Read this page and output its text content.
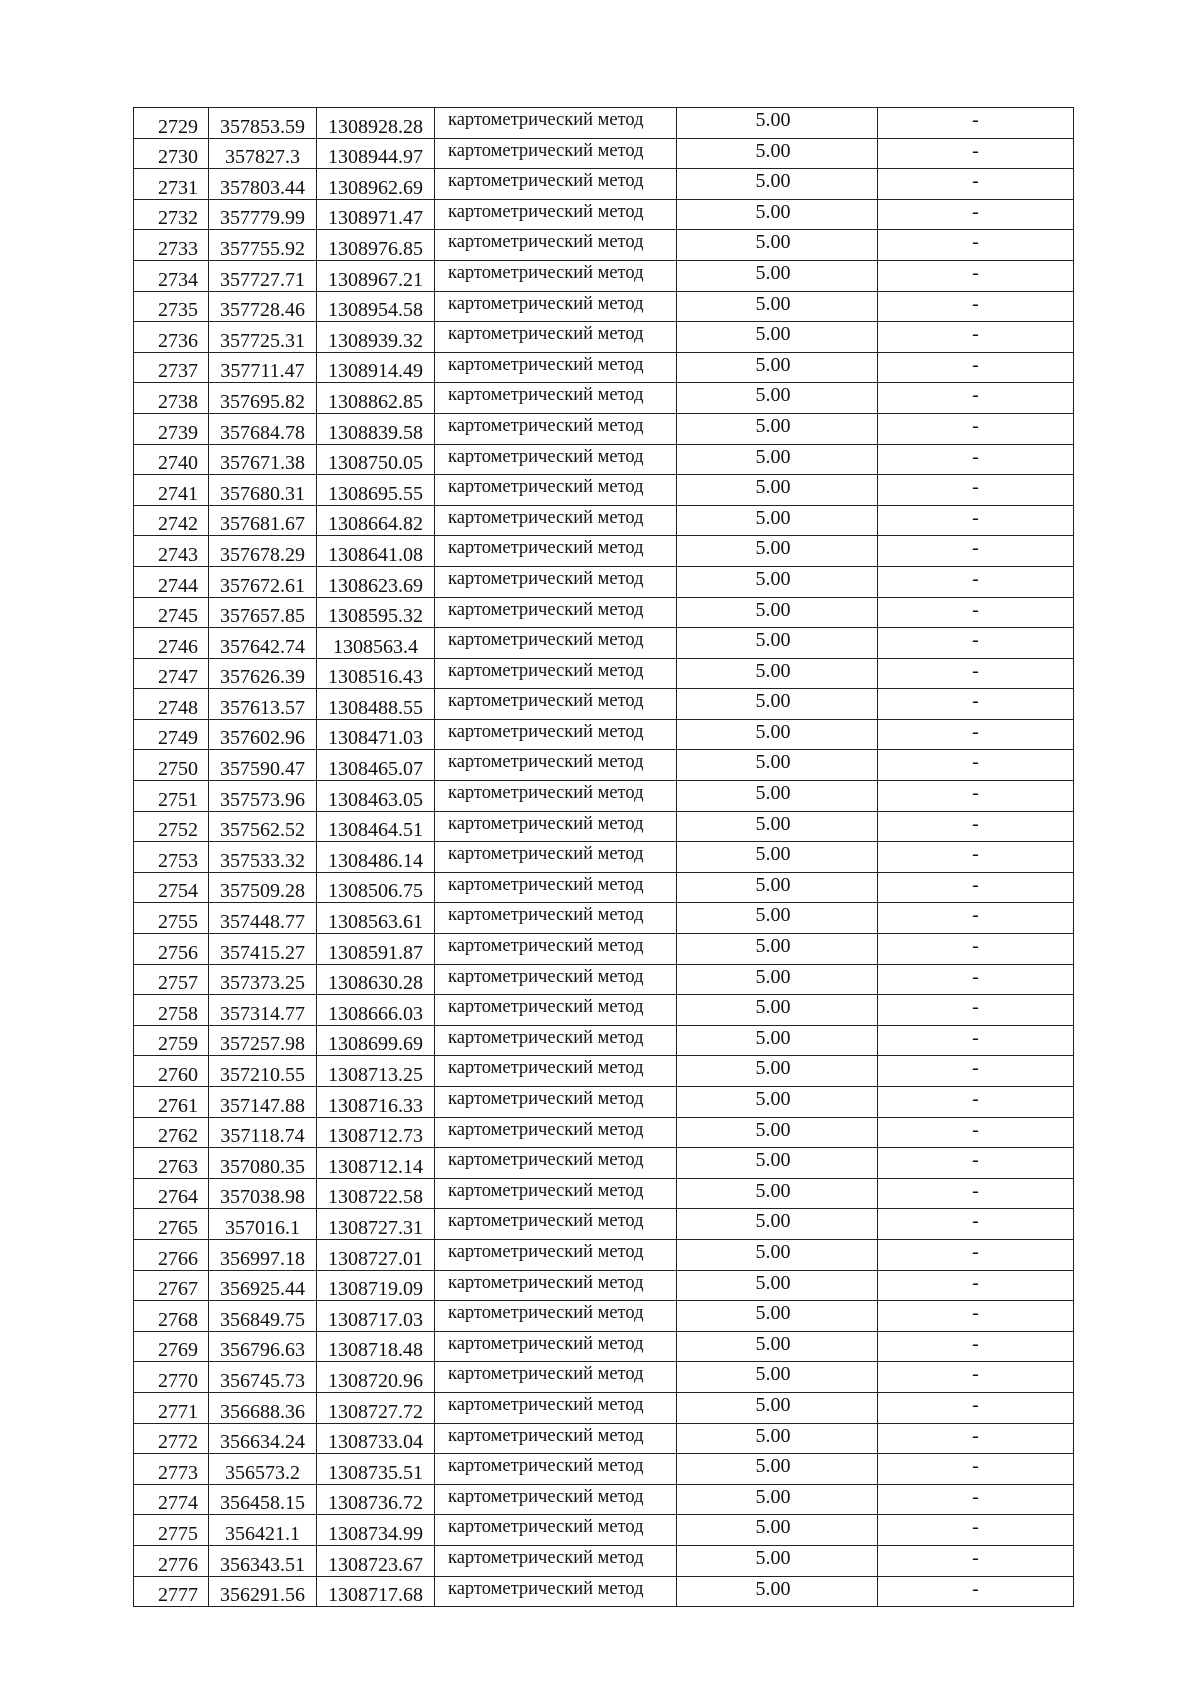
2729	357853.59	1308928.28	картометрический метод	5.00	-
2730	357827.3	1308944.97	картометрический метод	5.00	-
2731	357803.44	1308962.69	картометрический метод	5.00	-
2732	357779.99	1308971.47	картометрический метод	5.00	-
2733	357755.92	1308976.85	картометрический метод	5.00	-
2734	357727.71	1308967.21	картометрический метод	5.00	-
2735	357728.46	1308954.58	картометрический метод	5.00	-
2736	357725.31	1308939.32	картометрический метод	5.00	-
2737	357711.47	1308914.49	картометрический метод	5.00	-
2738	357695.82	1308862.85	картометрический метод	5.00	-
2739	357684.78	1308839.58	картометрический метод	5.00	-
2740	357671.38	1308750.05	картометрический метод	5.00	-
2741	357680.31	1308695.55	картометрический метод	5.00	-
2742	357681.67	1308664.82	картометрический метод	5.00	-
2743	357678.29	1308641.08	картометрический метод	5.00	-
2744	357672.61	1308623.69	картометрический метод	5.00	-
2745	357657.85	1308595.32	картометрический метод	5.00	-
2746	357642.74	1308563.4	картометрический метод	5.00	-
2747	357626.39	1308516.43	картометрический метод	5.00	-
2748	357613.57	1308488.55	картометрический метод	5.00	-
2749	357602.96	1308471.03	картометрический метод	5.00	-
2750	357590.47	1308465.07	картометрический метод	5.00	-
2751	357573.96	1308463.05	картометрический метод	5.00	-
2752	357562.52	1308464.51	картометрический метод	5.00	-
2753	357533.32	1308486.14	картометрический метод	5.00	-
2754	357509.28	1308506.75	картометрический метод	5.00	-
2755	357448.77	1308563.61	картометрический метод	5.00	-
2756	357415.27	1308591.87	картометрический метод	5.00	-
2757	357373.25	1308630.28	картометрический метод	5.00	-
2758	357314.77	1308666.03	картометрический метод	5.00	-
2759	357257.98	1308699.69	картометрический метод	5.00	-
2760	357210.55	1308713.25	картометрический метод	5.00	-
2761	357147.88	1308716.33	картометрический метод	5.00	-
2762	357118.74	1308712.73	картометрический метод	5.00	-
2763	357080.35	1308712.14	картометрический метод	5.00	-
2764	357038.98	1308722.58	картометрический метод	5.00	-
2765	357016.1	1308727.31	картометрический метод	5.00	-
2766	356997.18	1308727.01	картометрический метод	5.00	-
2767	356925.44	1308719.09	картометрический метод	5.00	-
2768	356849.75	1308717.03	картометрический метод	5.00	-
2769	356796.63	1308718.48	картометрический метод	5.00	-
2770	356745.73	1308720.96	картометрический метод	5.00	-
2771	356688.36	1308727.72	картометрический метод	5.00	-
2772	356634.24	1308733.04	картометрический метод	5.00	-
2773	356573.2	1308735.51	картометрический метод	5.00	-
2774	356458.15	1308736.72	картометрический метод	5.00	-
2775	356421.1	1308734.99	картометрический метод	5.00	-
2776	356343.51	1308723.67	картометрический метод	5.00	-
2777	356291.56	1308717.68	картометрический метод	5.00	-
